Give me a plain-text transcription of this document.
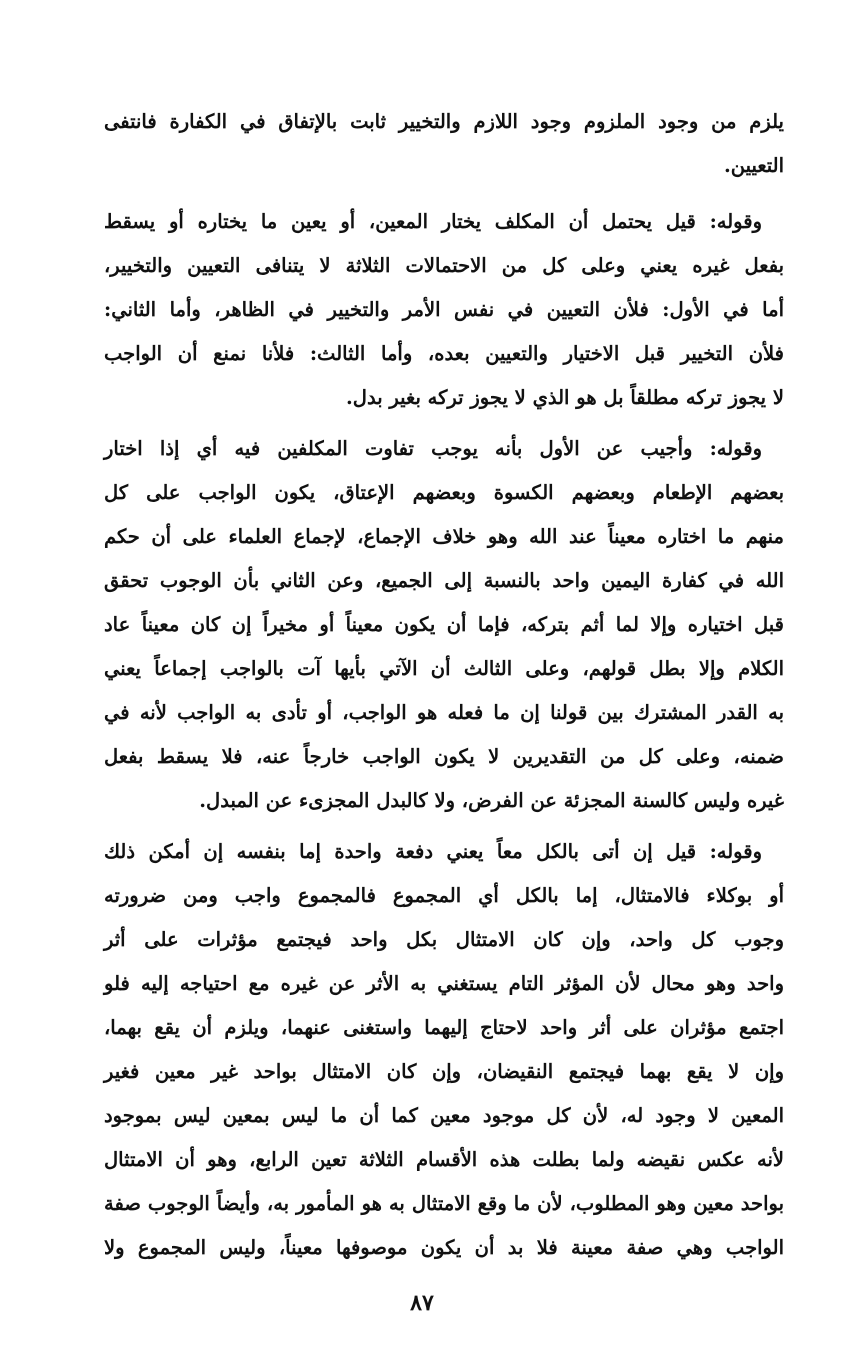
يلزم من وجود الملزوم وجود اللازم والتخيير ثابت بالإتفاق في الكفارة فانتفى
التعيين.
وقوله: قيل يحتمل أن المكلف يختار المعين، أو يعين ما يختاره أو يسقط
بفعل غيره يعني وعلى كل من الاحتمالات الثلاثة لا يتنافى التعيين والتخيير،
أما في الأول: فلأن التعيين في نفس الأمر والتخيير في الظاهر، وأما الثاني:
فلأن التخيير قبل الاختيار والتعيين بعده، وأما الثالث: فلأنا نمنع أن الواجب
لا يجوز تركه مطلقاً بل هو الذي لا يجوز تركه بغير بدل.
وقوله: وأجيب عن الأول بأنه يوجب تفاوت المكلفين فيه أي إذا اختار
بعضهم الإطعام وبعضهم الكسوة وبعضهم الإعتاق، يكون الواجب على كل
منهم ما اختاره معيناً عند الله وهو خلاف الإجماع، لإجماع العلماء على أن حكم
الله في كفارة اليمين واحد بالنسبة إلى الجميع، وعن الثاني بأن الوجوب تحقق
قبل اختياره وإلا لما أثم بتركه، فإما أن يكون معيناً أو مخيراً إن كان معيناً عاد
الكلام وإلا بطل قولهم، وعلى الثالث أن الآتي بأيها آت بالواجب إجماعاً يعني
به القدر المشترك بين قولنا إن ما فعله هو الواجب، أو تأدى به الواجب لأنه في
ضمنه، وعلى كل من التقديرين لا يكون الواجب خارجاً عنه، فلا يسقط بفعل
غيره وليس كالسنة المجزئة عن الفرض، ولا كالبدل المجزىء عن المبدل.
وقوله: قيل إن أتى بالكل معاً يعني دفعة واحدة إما بنفسه إن أمكن ذلك
أو بوكلاء فالامتثال، إما بالكل أي المجموع فالمجموع واجب ومن ضرورته
وجوب كل واحد، وإن كان الامتثال بكل واحد فيجتمع مؤثرات على أثر
واحد وهو محال لأن المؤثر التام يستغني به الأثر عن غيره مع احتياجه إليه فلو
اجتمع مؤثران على أثر واحد لاحتاج إليهما واستغنى عنهما، ويلزم أن يقع بهما،
وإن لا يقع بهما فيجتمع النقيضان، وإن كان الامتثال بواحد غير معين فغير
المعين لا وجود له، لأن كل موجود معين كما أن ما ليس بمعين ليس بموجود
لأنه عكس نقيضه ولما بطلت هذه الأقسام الثلاثة تعين الرابع، وهو أن الامتثال
بواحد معين وهو المطلوب، لأن ما وقع الامتثال به هو المأمور به، وأيضاً الوجوب صفة
الواجب وهي صفة معينة فلا بد أن يكون موصوفها معيناً، وليس المجموع ولا
٨٧
